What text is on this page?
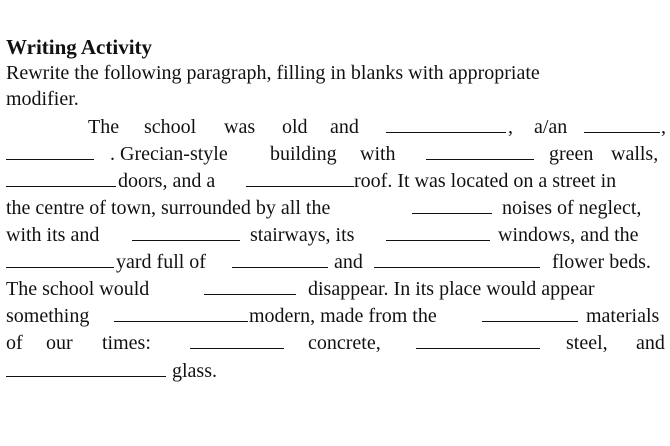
Writing Activity
Rewrite the following paragraph, filling in blanks with appropriate
modifier.
The school was old and	, a/an	,
. Grecian-style building with	green walls,
doors, and a	roof. It was located on a street in
the centre of town, surrounded by all the	noises of neglect,
with its and	stairways, its	windows, and the
yard full of	and	flower beds.
The school would	disappear. In its place would appear
something	modern, made from the	materials
of our times:	concrete,	steel, and
glass.
